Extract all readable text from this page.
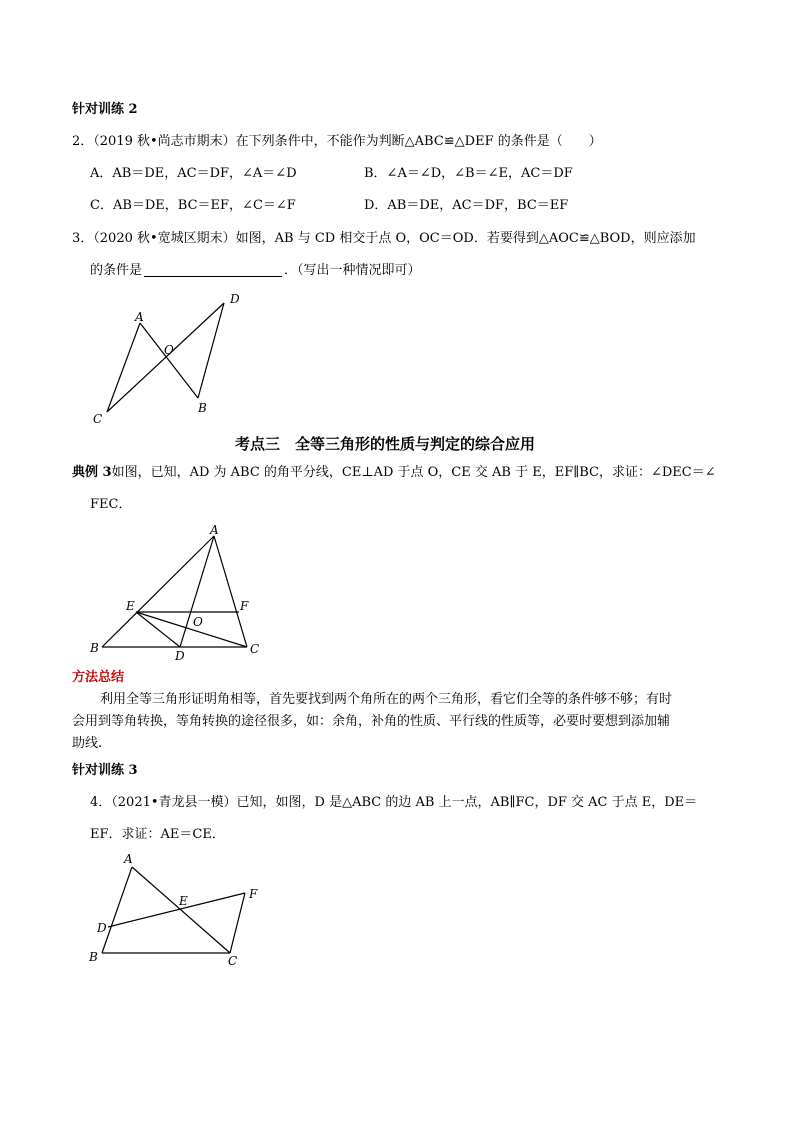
针对训练 2
2．（2019 秋•尚志市期末）在下列条件中，不能作为判断△ABC≌△DEF 的条件是（ ）
A．AB＝DE，AC＝DF，∠A＝∠D	B．∠A＝∠D，∠B＝∠E，AC＝DF
C．AB＝DE，BC＝EF，∠C＝∠F	D．AB＝DE，AC＝DF，BC＝EF
3．（2020 秋•宽城区期末）如图，AB 与 CD 相交于点 O，OC＝OD．若要得到△AOC≌△BOD，则应添加
的条件是	．（写出一种情况即可）
A
D
O
C
B
考点三　全等三角形的性质与判定的综合应用
典例 3如图，已知，AD 为 ABC 的角平分线，CE⊥AD 于点 O，CE 交 AB 于 E，EF∥BC，求证：∠DEC＝∠
FEC．
A
E	F
O
B
D	C
方法总结
利用全等三角形证明角相等，首先要找到两个角所在的两个三角形，看它们全等的条件够不够；有时
会用到等角转换，等角转换的途径很多，如：余角，补角的性质、平行线的性质等，必要时要想到添加辅
助线.
针对训练 3
4．（2021•青龙县一模）已知，如图，D 是△ABC 的边 AB 上一点，AB∥FC，DF 交 AC 于点 E，DE＝
EF．求证：AE＝CE．
A
E	F
D
B	C
